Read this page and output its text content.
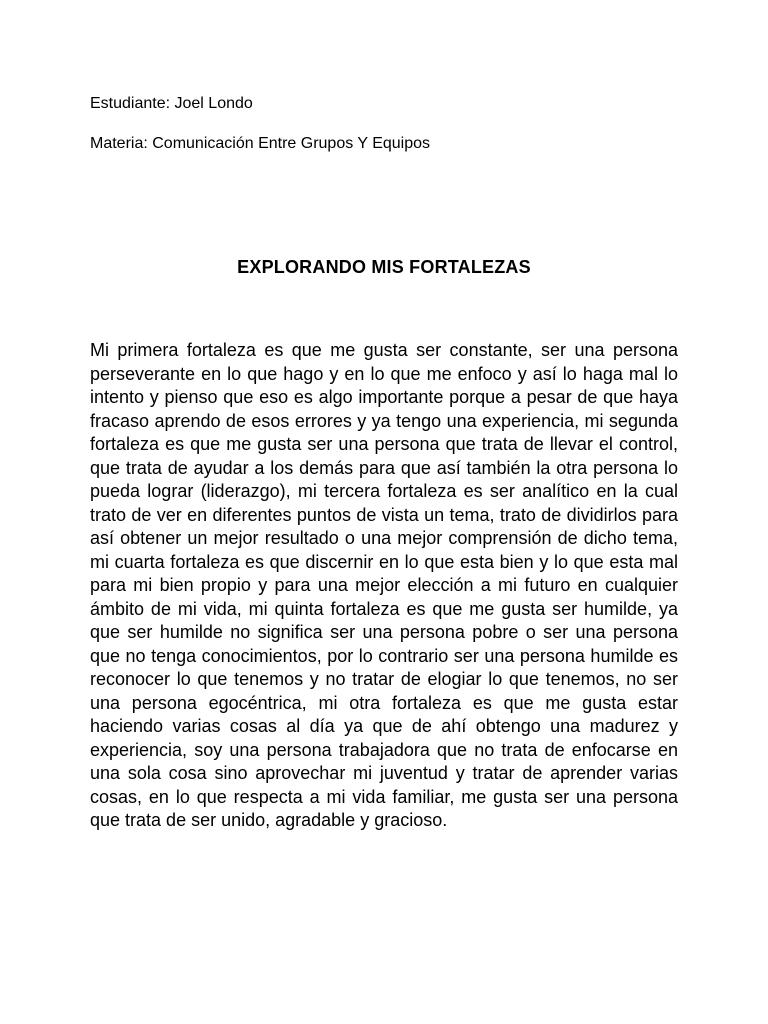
Estudiante: Joel Londo
Materia: Comunicación Entre Grupos Y Equipos
EXPLORANDO MIS FORTALEZAS

Mi primera fortaleza es que me gusta ser constante, ser una persona perseverante en lo que hago y en lo que me enfoco y así lo haga mal lo intento y pienso que eso es algo importante porque a pesar de que haya fracaso aprendo de esos errores y ya tengo una experiencia, mi segunda fortaleza es que me gusta ser una persona que trata de llevar el control, que trata de ayudar a los demás para que así también la otra persona lo pueda lograr (liderazgo), mi tercera fortaleza es ser analítico en la cual trato de ver en diferentes puntos de vista un tema, trato de dividirlos para así obtener un mejor resultado o una mejor comprensión de dicho tema, mi cuarta fortaleza es que discernir en lo que esta bien y lo que esta mal para mi bien propio y para una mejor elección a mi futuro en cualquier ámbito de mi vida, mi quinta fortaleza es que me gusta ser humilde, ya que ser humilde no significa ser una persona pobre o ser una persona que no tenga conocimientos, por lo contrario ser una persona humilde es reconocer lo que tenemos y no tratar de elogiar lo que tenemos, no ser una persona egocéntrica, mi otra fortaleza es que me gusta estar haciendo varias cosas al día ya que de ahí obtengo una madurez y experiencia, soy una persona trabajadora que no trata de enfocarse en una sola cosa sino aprovechar mi juventud y tratar de aprender varias cosas, en lo que respecta a mi vida familiar, me gusta ser una persona que trata de ser unido, agradable y gracioso.
